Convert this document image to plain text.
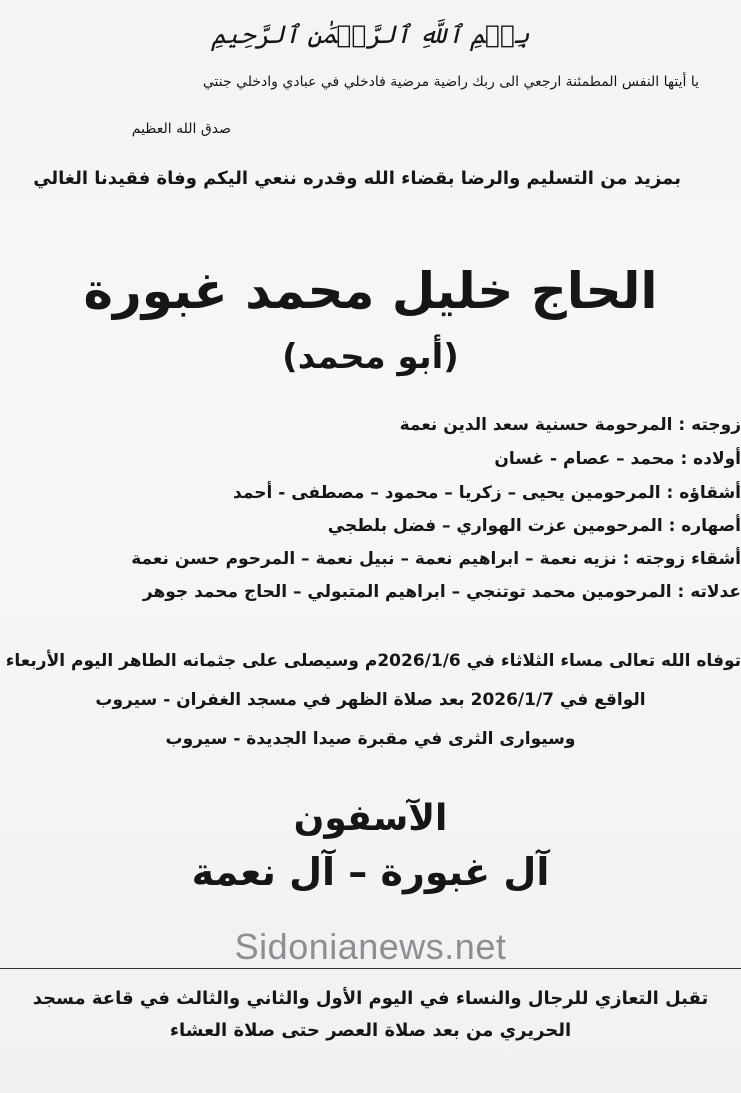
بِسۡمِ ٱللَّهِ ٱلرَّحۡمَٰنِ ٱلرَّحِيمِ
يا أيتها النفس المطمئنة ارجعي الى ربك راضية مرضية فادخلي في عبادي وادخلي جنتي
صدق الله العظيم
بمزيد من التسليم والرضا بقضاء الله وقدره ننعي اليكم وفاة فقيدنا الغالي
الحاج خليل محمد غبورة
(أبو محمد)
زوجته : المرحومة حسنية سعد الدين نعمة
أولاده : محمد – عصام - غسان
أشقاؤه : المرحومين يحيى – زكريا – محمود – مصطفى - أحمد
أصهاره : المرحومين عزت الهواري – فضل بلطجي
أشقاء زوجته : نزيه نعمة – ابراهيم نعمة – نبيل نعمة – المرحوم حسن نعمة
عدلاته : المرحومين محمد توتنجي – ابراهيم المتبولي – الحاج محمد جوهر
توفاه الله تعالى مساء الثلاثاء في 2026/1/6م وسيصلى على جثمانه الطاهر اليوم الأربعاء
الواقع في 2026/1/7 بعد صلاة الظهر في مسجد الغفران - سيروب
وسيوارى الثرى في مقبرة صيدا الجديدة - سيروب
الآسفون
آل غبورة – آل نعمة
Sidonianews.net
تقبل التعازي للرجال والنساء في اليوم الأول والثاني والثالث في قاعة مسجد
الحريري من بعد صلاة العصر حتى صلاة العشاء
